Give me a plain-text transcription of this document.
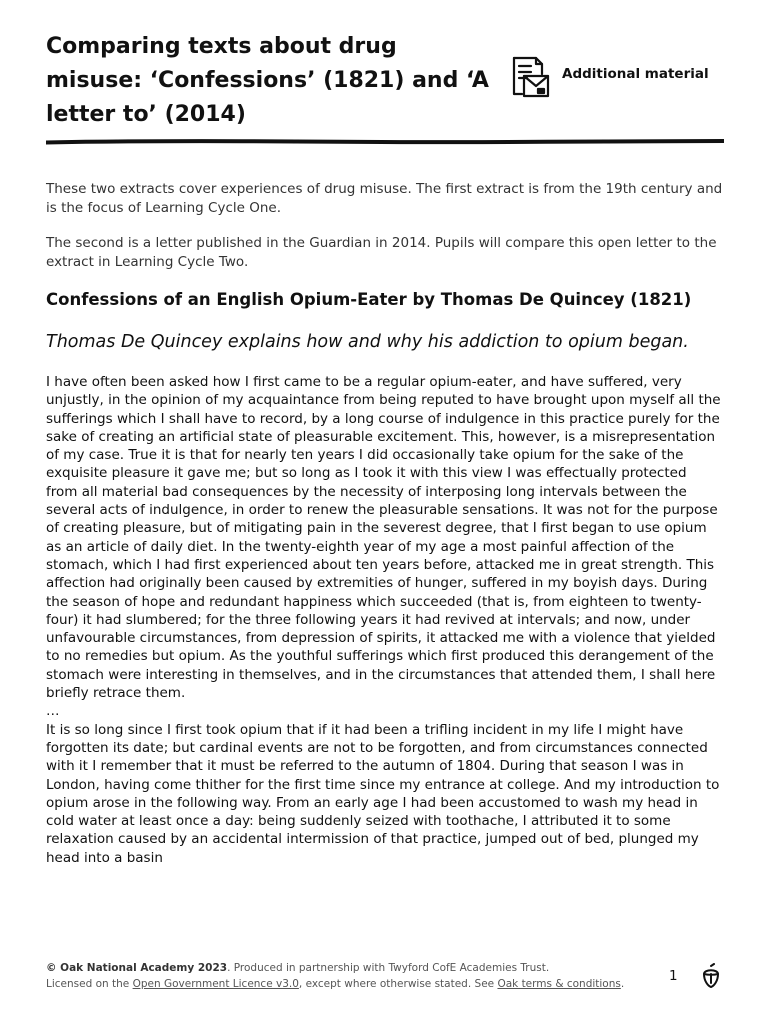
Comparing texts about drug misuse: ‘Confessions’ (1821) and ‘A letter to’ (2014)
Additional material

These two extracts cover experiences of drug misuse. The first extract is from the 19th century and is the focus of Learning Cycle One.

The second is a letter published in the Guardian in 2014. Pupils will compare this open letter to the extract in Learning Cycle Two.

Confessions of an English Opium-Eater by Thomas De Quincey (1821)

Thomas De Quincey explains how and why his addiction to opium began.

I have often been asked how I first came to be a regular opium-eater, and have suffered, very unjustly, in the opinion of my acquaintance from being reputed to have brought upon myself all the sufferings which I shall have to record, by a long course of indulgence in this practice purely for the sake of creating an artificial state of pleasurable excitement. This, however, is a misrepresentation of my case. True it is that for nearly ten years I did occasionally take opium for the sake of the exquisite pleasure it gave me; but so long as I took it with this view I was effectually protected from all material bad consequences by the necessity of interposing long intervals between the several acts of indulgence, in order to renew the pleasurable sensations. It was not for the purpose of creating pleasure, but of mitigating pain in the severest degree, that I first began to use opium as an article of daily diet. In the twenty-eighth year of my age a most painful affection of the stomach, which I had first experienced about ten years before, attacked me in great strength. This affection had originally been caused by extremities of hunger, suffered in my boyish days. During the season of hope and redundant happiness which succeeded (that is, from eighteen to twenty-four) it had slumbered; for the three following years it had revived at intervals; and now, under unfavourable circumstances, from depression of spirits, it attacked me with a violence that yielded to no remedies but opium. As the youthful sufferings which first produced this derangement of the stomach were interesting in themselves, and in the circumstances that attended them, I shall here briefly retrace them.

…

It is so long since I first took opium that if it had been a trifling incident in my life I might have forgotten its date; but cardinal events are not to be forgotten, and from circumstances connected with it I remember that it must be referred to the autumn of 1804. During that season I was in London, having come thither for the first time since my entrance at college. And my introduction to opium arose in the following way. From an early age I had been accustomed to wash my head in cold water at least once a day: being suddenly seized with toothache, I attributed it to some relaxation caused by an accidental intermission of that practice, jumped out of bed, plunged my head into a basin

© Oak National Academy 2023. Produced in partnership with Twyford CofE Academies Trust.
Licensed on the Open Government Licence v3.0, except where otherwise stated. See Oak terms & conditions.	1
